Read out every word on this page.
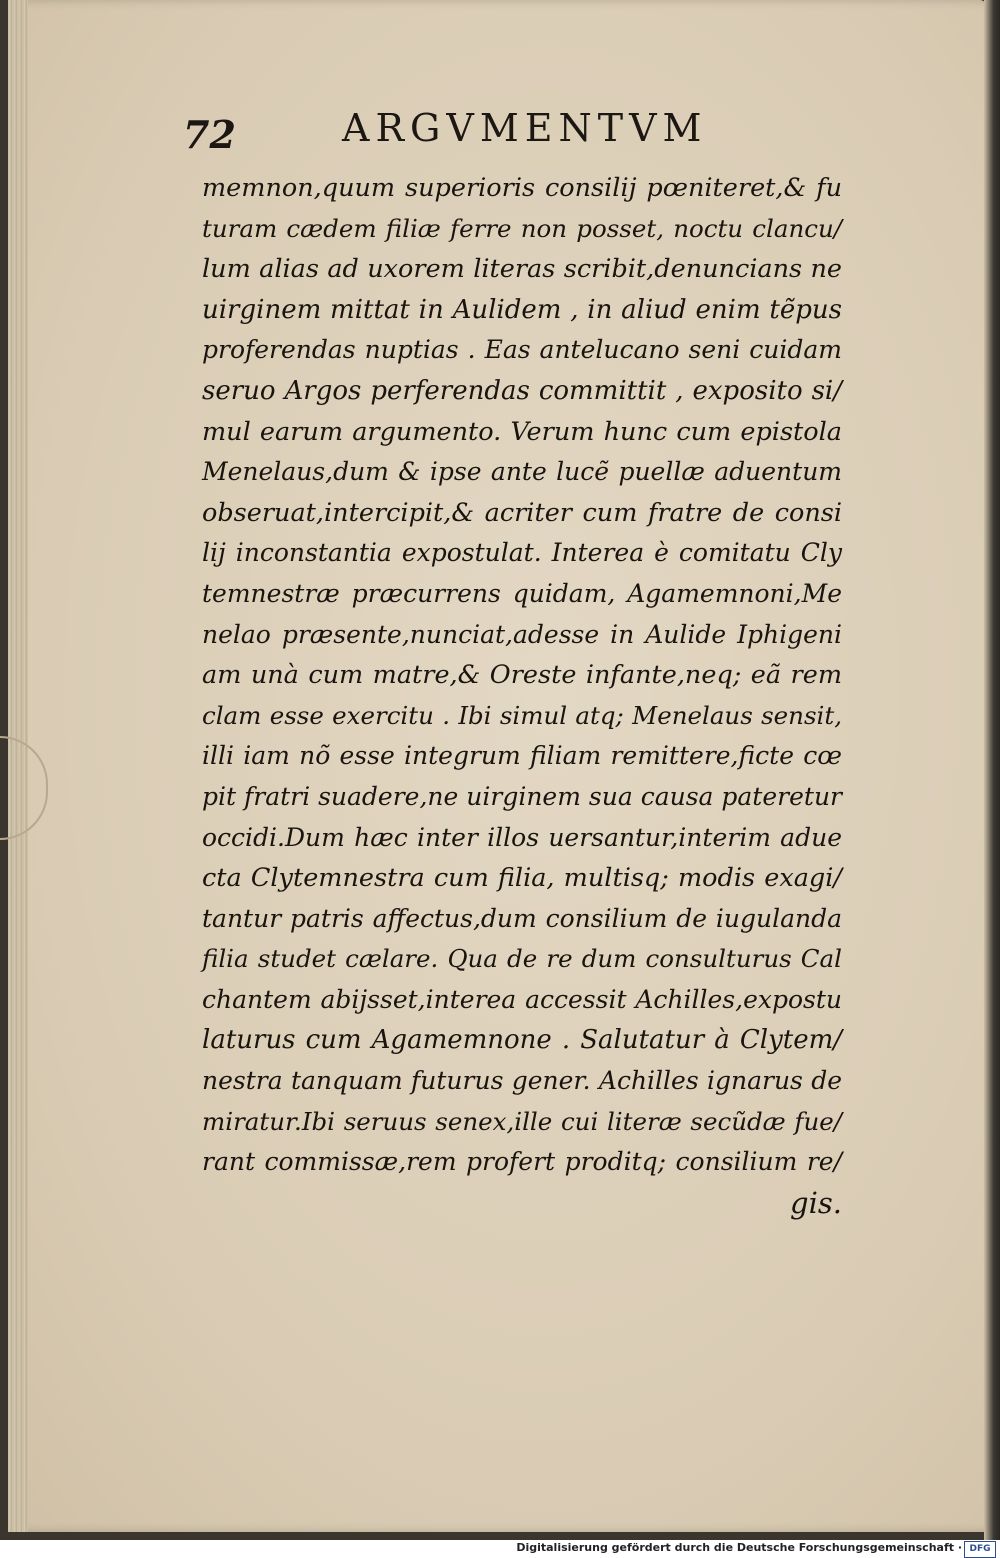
72	ARGVMENTVM
memnon,quum superioris consilij pœniteret,& fu
turam cædem filiæ ferre non posset, noctu clancu/
lum alias ad uxorem literas scribit,denuncians ne
uirginem mittat in Aulidem , in aliud enim tẽpus
proferendas nuptias . Eas antelucano seni cuidam
seruo Argos perferendas committit , exposito si/
mul earum argumento. Verum hunc cum epistola
Menelaus,dum & ipse ante lucẽ puellæ aduentum
obseruat,intercipit,& acriter cum fratre de consi
lij inconstantia expostulat. Interea è comitatu Cly
temnestræ præcurrens quidam, Agamemnoni,Me
nelao præsente,nunciat,adesse in Aulide Iphigeni
am unà cum matre,& Oreste infante,neq; eã rem
clam esse exercitu . Ibi simul atq; Menelaus sensit,
illi iam nõ esse integrum filiam remittere,ficte cœ
pit fratri suadere,ne uirginem sua causa pateretur
occidi.Dum hæc inter illos uersantur,interim adue
cta Clytemnestra cum filia, multisq; modis exagi/
tantur patris affectus,dum consilium de iugulanda
filia studet cælare. Qua de re dum consulturus Cal
chantem abijsset,interea accessit Achilles,expostu
laturus cum Agamemnone . Salutatur à Clytem/
nestra tanquam futurus gener. Achilles ignarus de
miratur.Ibi seruus senex,ille cui literæ secũdæ fue/
rant commissæ,rem profert proditq; consilium re/
gis.
Digitalisierung gefördert durch die Deutsche Forschungsgemeinschaft · DFG
